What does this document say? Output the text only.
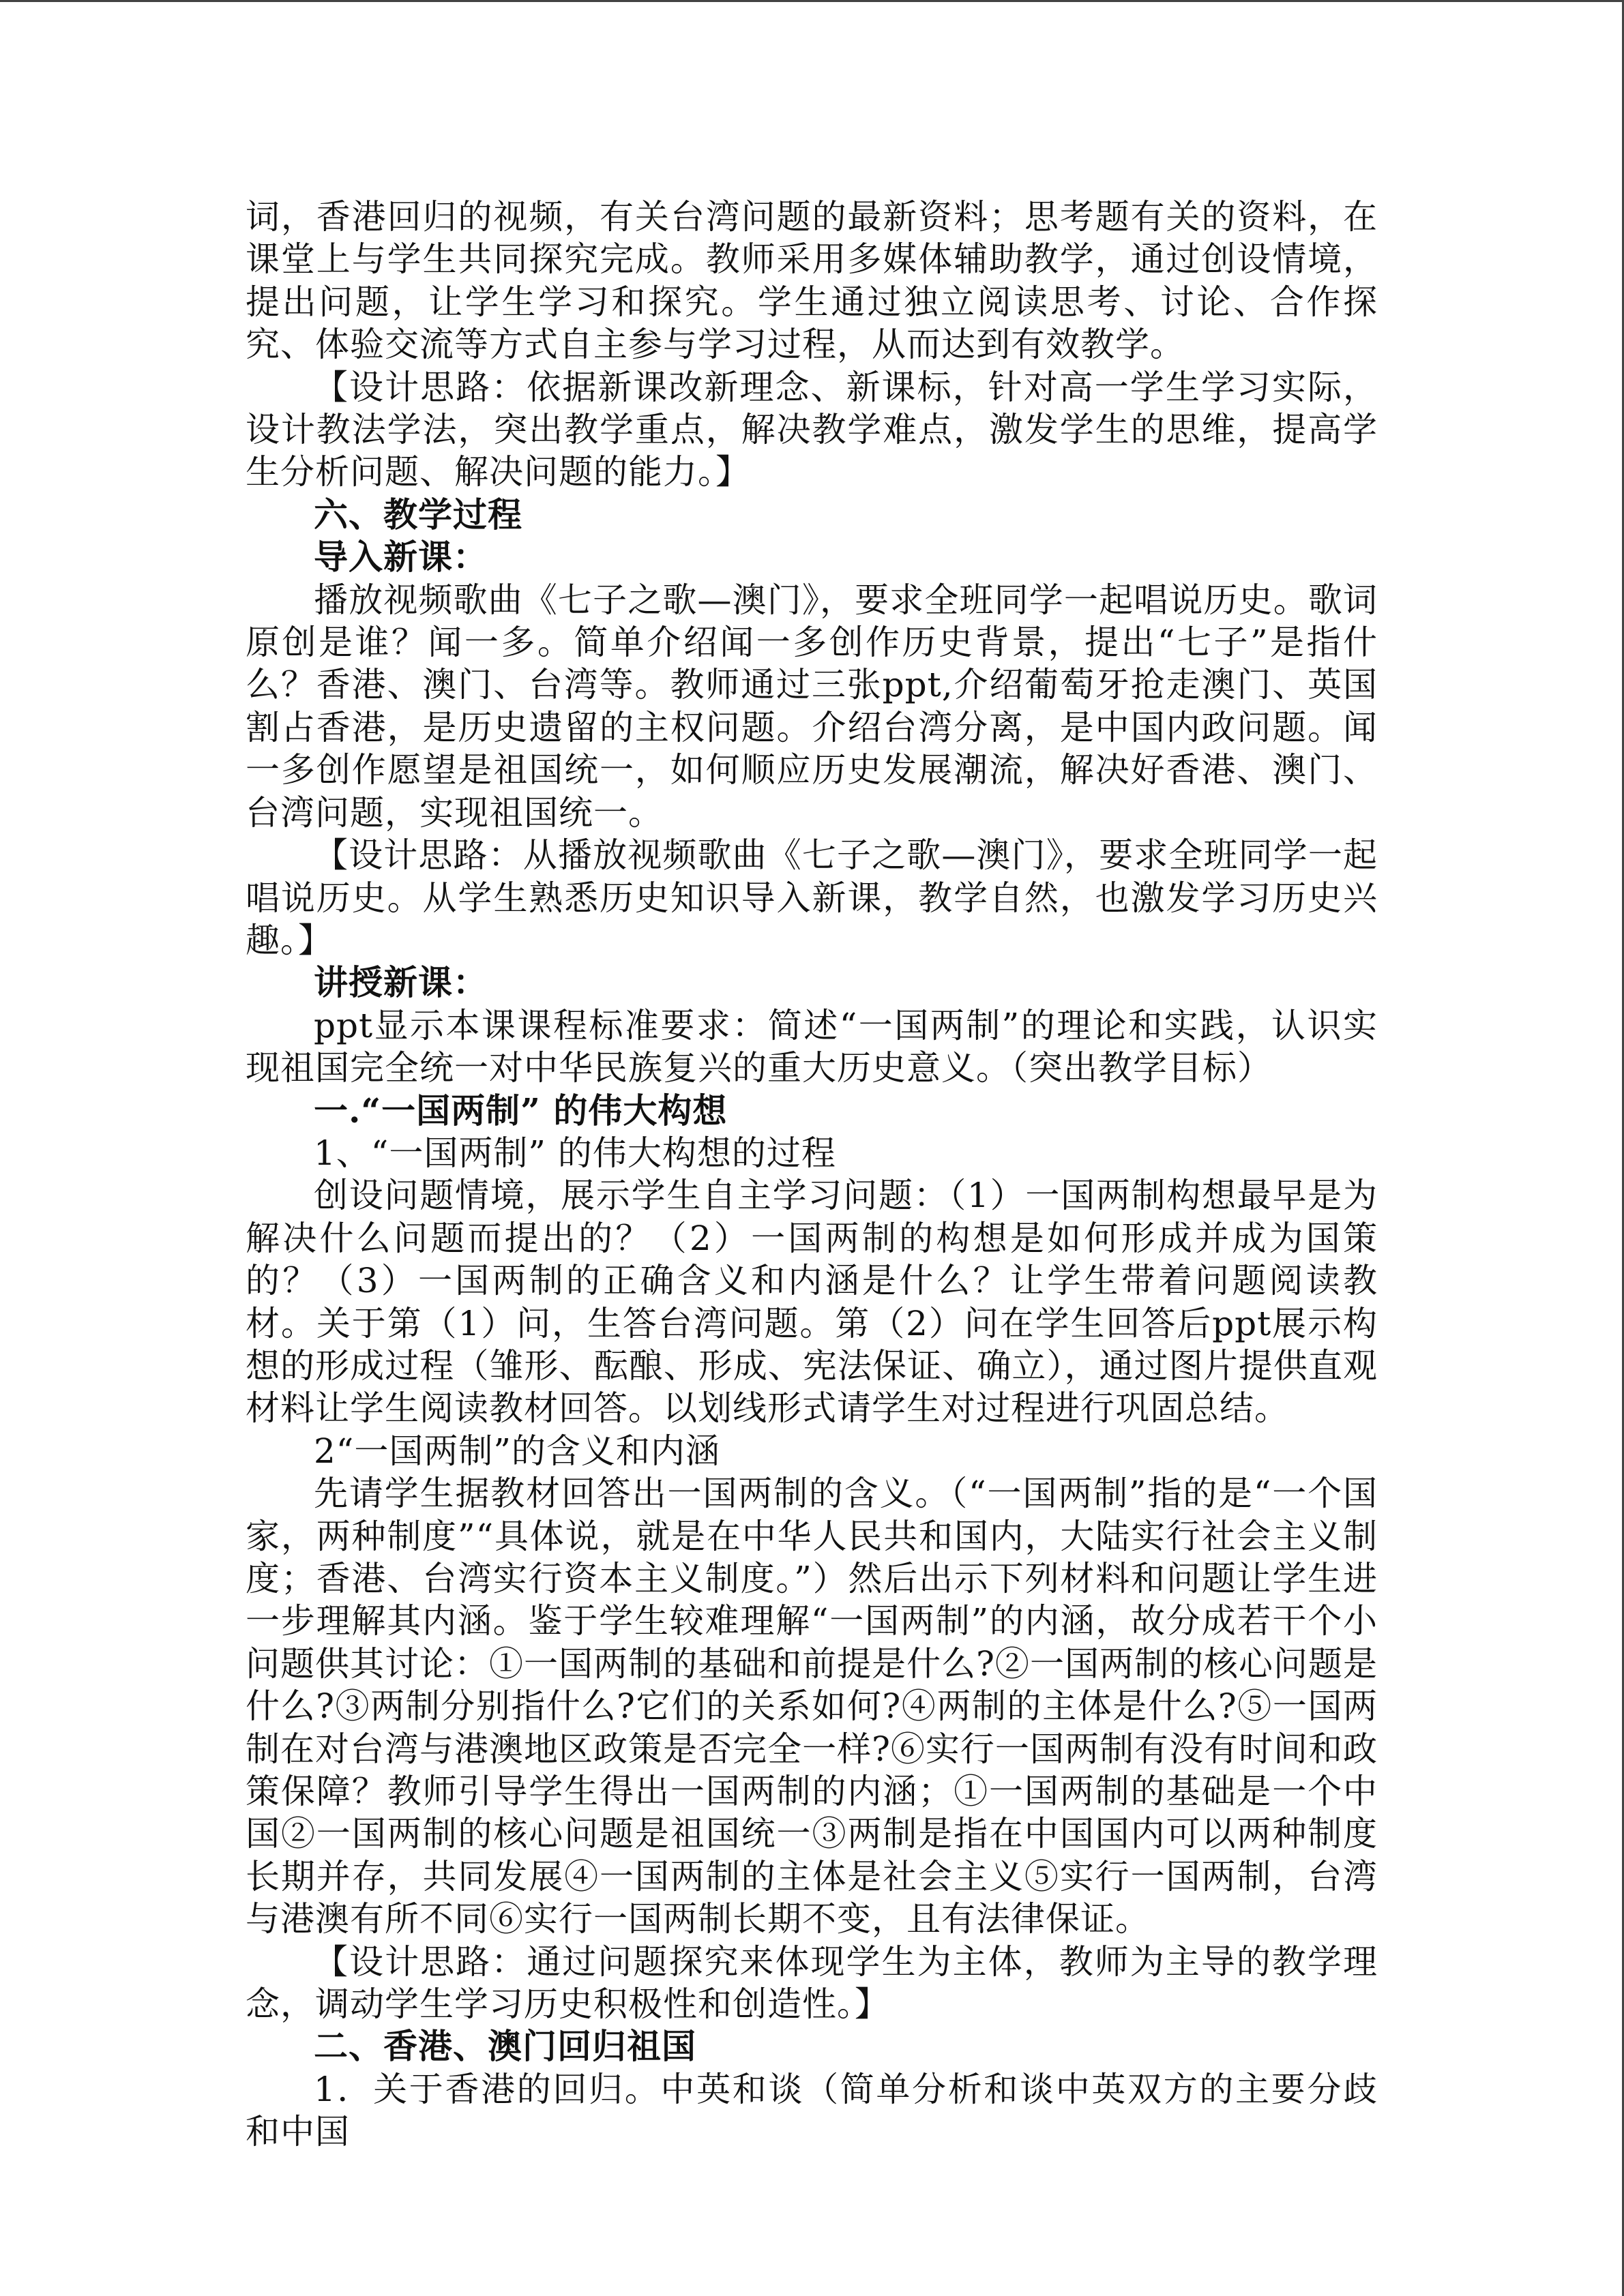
词，香港回归的视频，有关台湾问题的最新资料；思考题有关的资料，在课堂上与学生共同探究完成。教师采用多媒体辅助教学，通过创设情境，提出问题，让学生学习和探究。学生通过独立阅读思考、讨论、合作探究、体验交流等方式自主参与学习过程，从而达到有效教学。

【设计思路：依据新课改新理念、新课标，针对高一学生学习实际，设计教法学法，突出教学重点，解决教学难点，激发学生的思维，提高学生分析问题、解决问题的能力。】

六、教学过程

导入新课：

播放视频歌曲《七子之歌—澳门》，要求全班同学一起唱说历史。歌词原创是谁？闻一多。简单介绍闻一多创作历史背景，提出“七子”是指什么？香港、澳门、台湾等。教师通过三张ppt,介绍葡萄牙抢走澳门、英国割占香港，是历史遗留的主权问题。介绍台湾分离，是中国内政问题。闻一多创作愿望是祖国统一，如何顺应历史发展潮流，解决好香港、澳门、台湾问题，实现祖国统一。

【设计思路：从播放视频歌曲《七子之歌—澳门》，要求全班同学一起唱说历史。从学生熟悉历史知识导入新课，教学自然，也激发学习历史兴趣。】

讲授新课：

ppt显示本课课程标准要求：简述“一国两制”的理论和实践，认识实现祖国完全统一对中华民族复兴的重大历史意义。（突出教学目标）

一.“一国两制” 的伟大构想

1、“一国两制” 的伟大构想的过程

创设问题情境，展示学生自主学习问题：（1）一国两制构想最早是为解决什么问题而提出的？（2）一国两制的构想是如何形成并成为国策的？（3）一国两制的正确含义和内涵是什么？让学生带着问题阅读教材。关于第（1）问，生答台湾问题。第（2）问在学生回答后ppt展示构想的形成过程（雏形、酝酿、形成、宪法保证、确立），通过图片提供直观材料让学生阅读教材回答。以划线形式请学生对过程进行巩固总结。

2“一国两制”的含义和内涵

先请学生据教材回答出一国两制的含义。（“一国两制”指的是“一个国家，两种制度”“具体说，就是在中华人民共和国内，大陆实行社会主义制度；香港、台湾实行资本主义制度。”）然后出示下列材料和问题让学生进一步理解其内涵。鉴于学生较难理解“一国两制”的内涵，故分成若干个小问题供其讨论：①一国两制的基础和前提是什么?②一国两制的核心问题是什么?③两制分别指什么?它们的关系如何?④两制的主体是什么?⑤一国两制在对台湾与港澳地区政策是否完全一样?⑥实行一国两制有没有时间和政策保障？教师引导学生得出一国两制的内涵；①一国两制的基础是一个中国②一国两制的核心问题是祖国统一③两制是指在中国国内可以两种制度长期并存，共同发展④一国两制的主体是社会主义⑤实行一国两制，台湾与港澳有所不同⑥实行一国两制长期不变，且有法律保证。

【设计思路：通过问题探究来体现学生为主体，教师为主导的教学理念，调动学生学习历史积极性和创造性。】

二、香港、澳门回归祖国

1．关于香港的回归。中英和谈（简单分析和谈中英双方的主要分歧和中国
